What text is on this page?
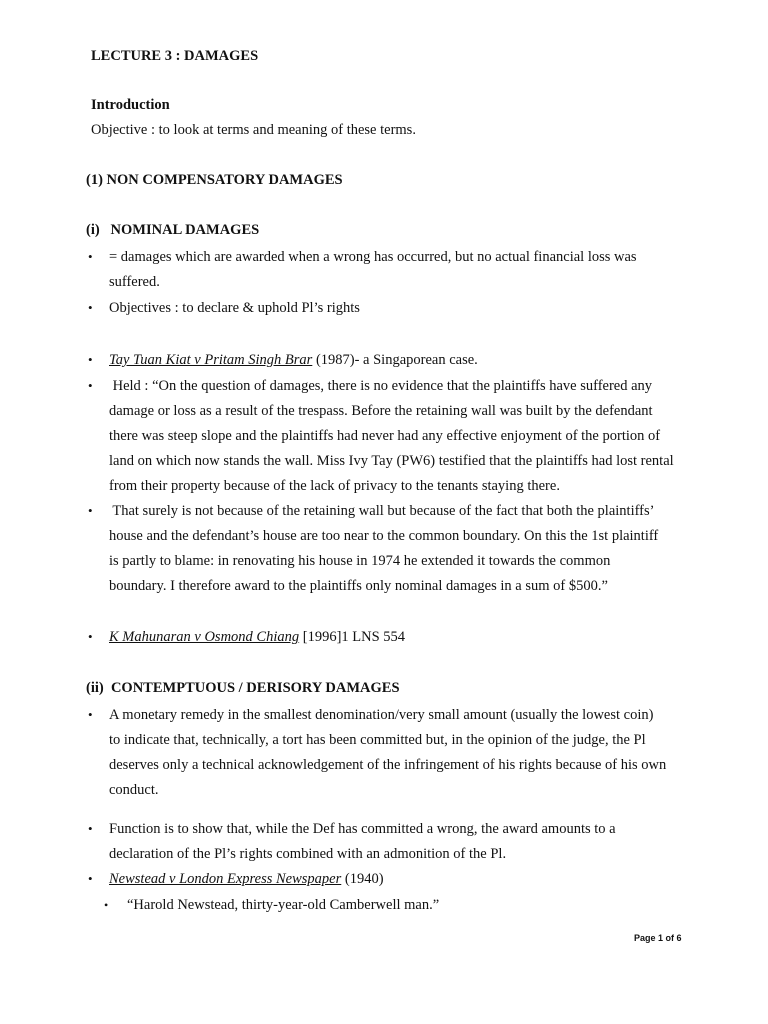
LECTURE 3 : DAMAGES
Introduction
Objective : to look at terms and meaning of these terms.
(1) NON COMPENSATORY DAMAGES
(i)   NOMINAL DAMAGES
• = damages which are awarded when a wrong has occurred, but no actual financial loss was
suffered.
• Objectives : to declare & uphold Pl’s rights
• Tay Tuan Kiat v Pritam Singh Brar (1987)- a Singaporean case.
• Held : “On the question of damages, there is no evidence that the plaintiffs have suffered any
damage or loss as a result of the trespass. Before the retaining wall was built by the defendant
there was steep slope and the plaintiffs had never had any effective enjoyment of the portion of
land on which now stands the wall. Miss Ivy Tay (PW6) testified that the plaintiffs had lost rental
from their property because of the lack of privacy to the tenants staying there.
• That surely is not because of the retaining wall but because of the fact that both the plaintiffs’
house and the defendant’s house are too near to the common boundary. On this the 1st plaintiff
is partly to blame: in renovating his house in 1974 he extended it towards the common
boundary. I therefore award to the plaintiffs only nominal damages in a sum of $500.”
• K Mahunaran v Osmond Chiang [1996]1 LNS 554
(ii)  CONTEMPTUOUS / DERISORY DAMAGES
• A monetary remedy in the smallest denomination/very small amount (usually the lowest coin)
to indicate that, technically, a tort has been committed but, in the opinion of the judge, the Pl
deserves only a technical acknowledgement of the infringement of his rights because of his own
conduct.
• Function is to show that, while the Def has committed a wrong, the award amounts to a
declaration of the Pl’s rights combined with an admonition of the Pl.
• Newstead v London Express Newspaper (1940)
• “Harold Newstead, thirty-year-old Camberwell man.”
Page 1 of 6
